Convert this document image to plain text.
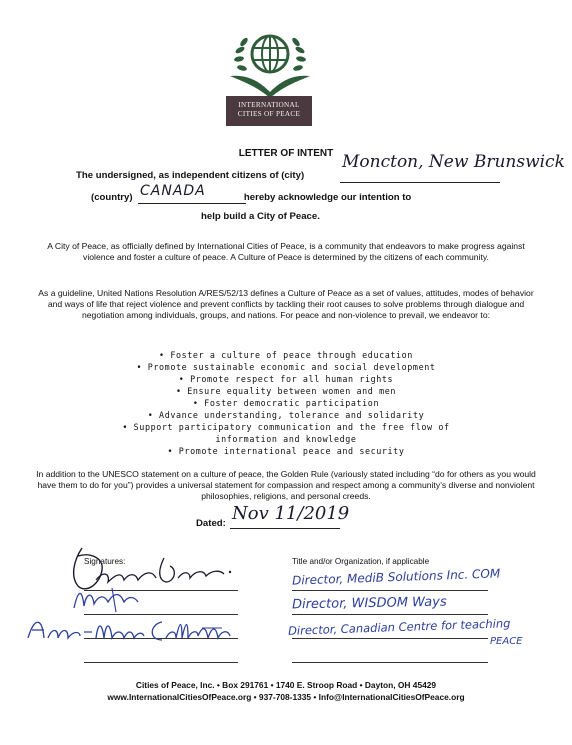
INTERNATIONAL
CITIES OF PEACE
LETTER OF INTENT
The undersigned, as independent citizens of (city)
Moncton, New Brunswick
(country)	hereby acknowledge our intention to
CANADA
help build a City of Peace.
A City of Peace, as officially defined by International Cities of Peace, is a community that endeavors to make progress against violence and foster a culture of peace. A Culture of Peace is determined by the citizens of each community.
As a guideline, United Nations Resolution A/RES/52/13 defines a Culture of Peace as a set of values, attitudes, modes of behavior and ways of life that reject violence and prevent conflicts by tackling their root causes to solve problems through dialogue and negotiation among individuals, groups, and nations. For peace and non-violence to prevail, we endeavor to:
• Foster a culture of peace through education
• Promote sustainable economic and social development
• Promote respect for all human rights
• Ensure equality between women and men
• Foster democratic participation
• Advance understanding, tolerance and solidarity
• Support participatory communication and the free flow of
information and knowledge
• Promote international peace and security
In addition to the UNESCO statement on a culture of peace, the Golden Rule (variously stated including “do for others as you would have them to do for you”) provides a universal statement for compassion and respect among a community’s diverse and nonviolent philosophies, religions, and personal creeds.
Dated: Nov 11/2019
Signatures:	Title and/or Organization, if applicable
Director, MediB Solutions Inc. COM
Director, WISDOM Ways
Director, Canadian Centre for teaching
PEACE
Cities of Peace, Inc. • Box 291761 • 1740 E. Stroop Road • Dayton, OH 45429
www.InternationalCitiesOfPeace.org • 937-708-1335 • Info@InternationalCitiesOfPeace.org
